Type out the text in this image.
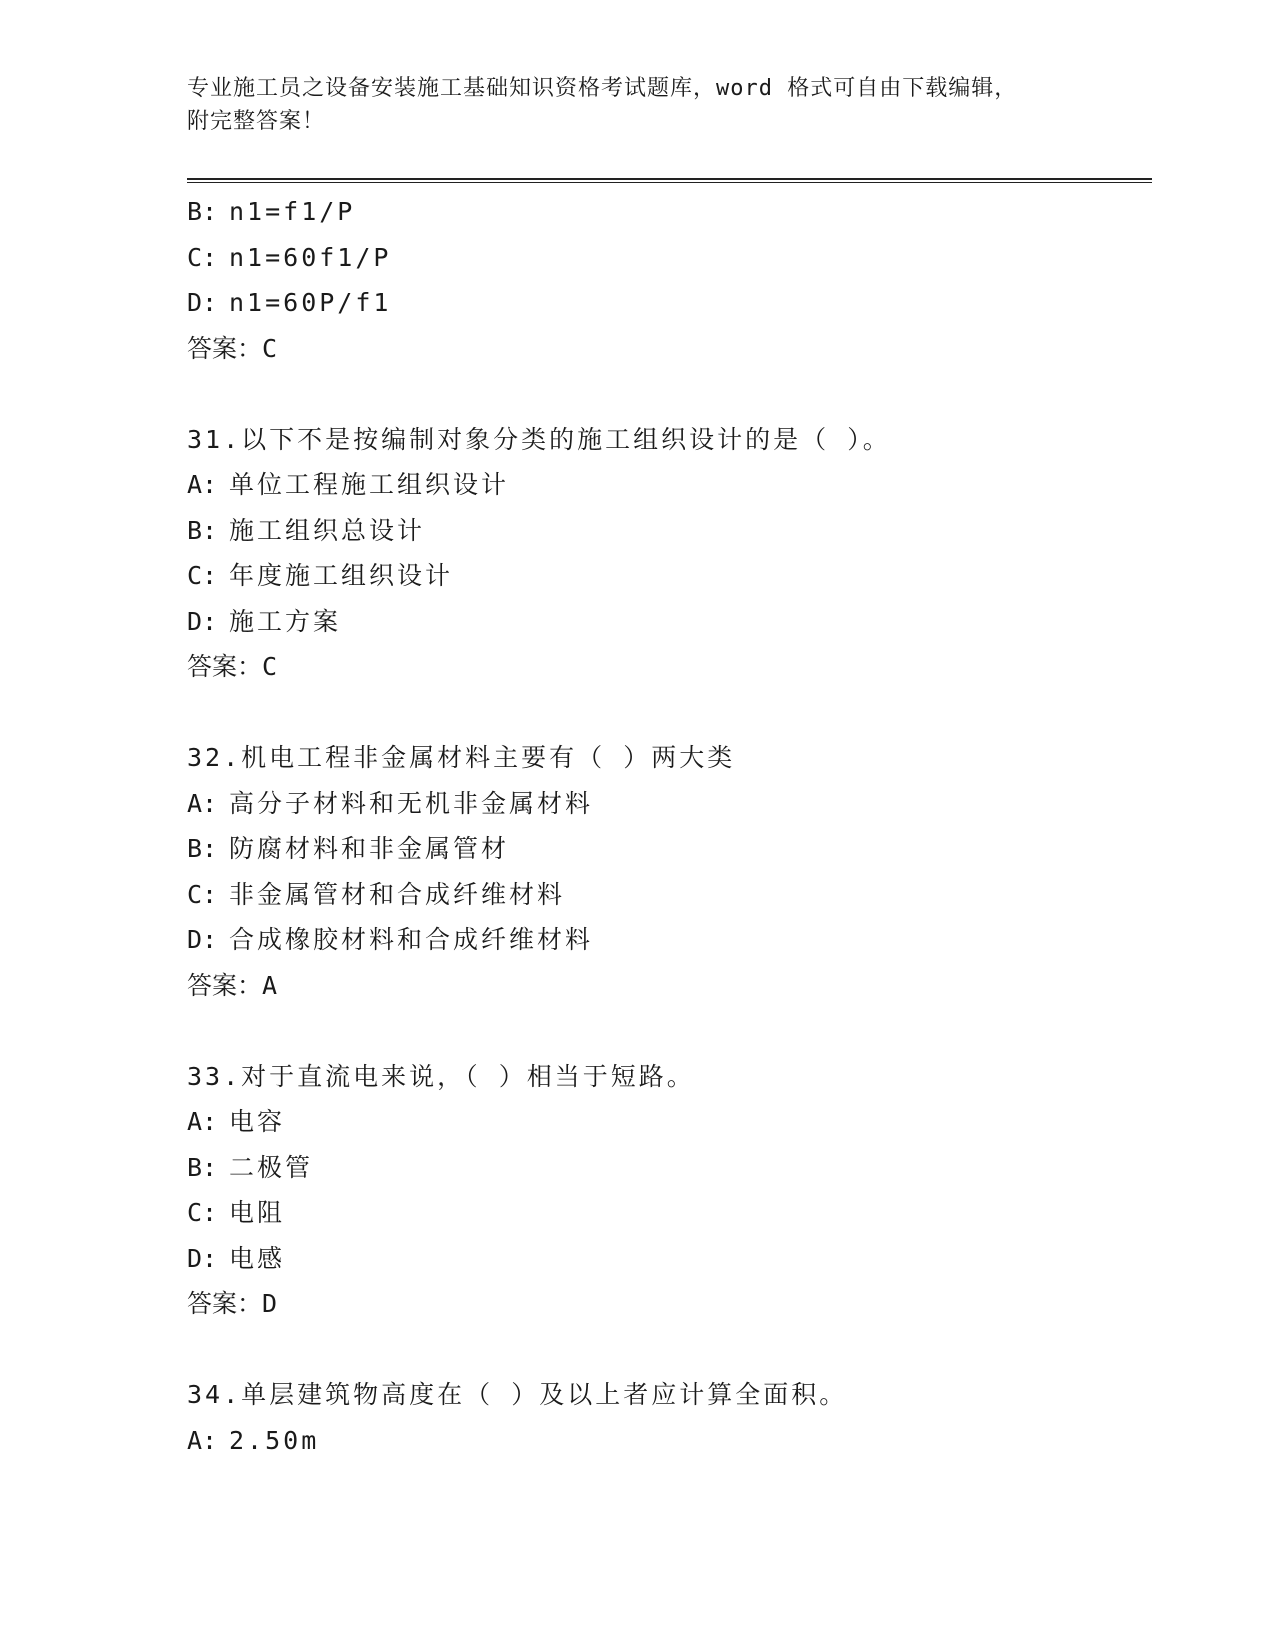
专业施工员之设备安装施工基础知识资格考试题库，word 格式可自由下载编辑，
附完整答案！
B: n1=f1/P
C: n1=60f1/P
D: n1=60P/f1
答案：C
31.以下不是按编制对象分类的施工组织设计的是（ ）。
A: 单位工程施工组织设计
B: 施工组织总设计
C: 年度施工组织设计
D: 施工方案
答案：C
32.机电工程非金属材料主要有（ ）两大类
A: 高分子材料和无机非金属材料
B: 防腐材料和非金属管材
C: 非金属管材和合成纤维材料
D: 合成橡胶材料和合成纤维材料
答案：A
33.对于直流电来说，（ ）相当于短路。
A: 电容
B: 二极管
C: 电阻
D: 电感
答案：D
34.单层建筑物高度在（ ）及以上者应计算全面积。
A: 2.50m
